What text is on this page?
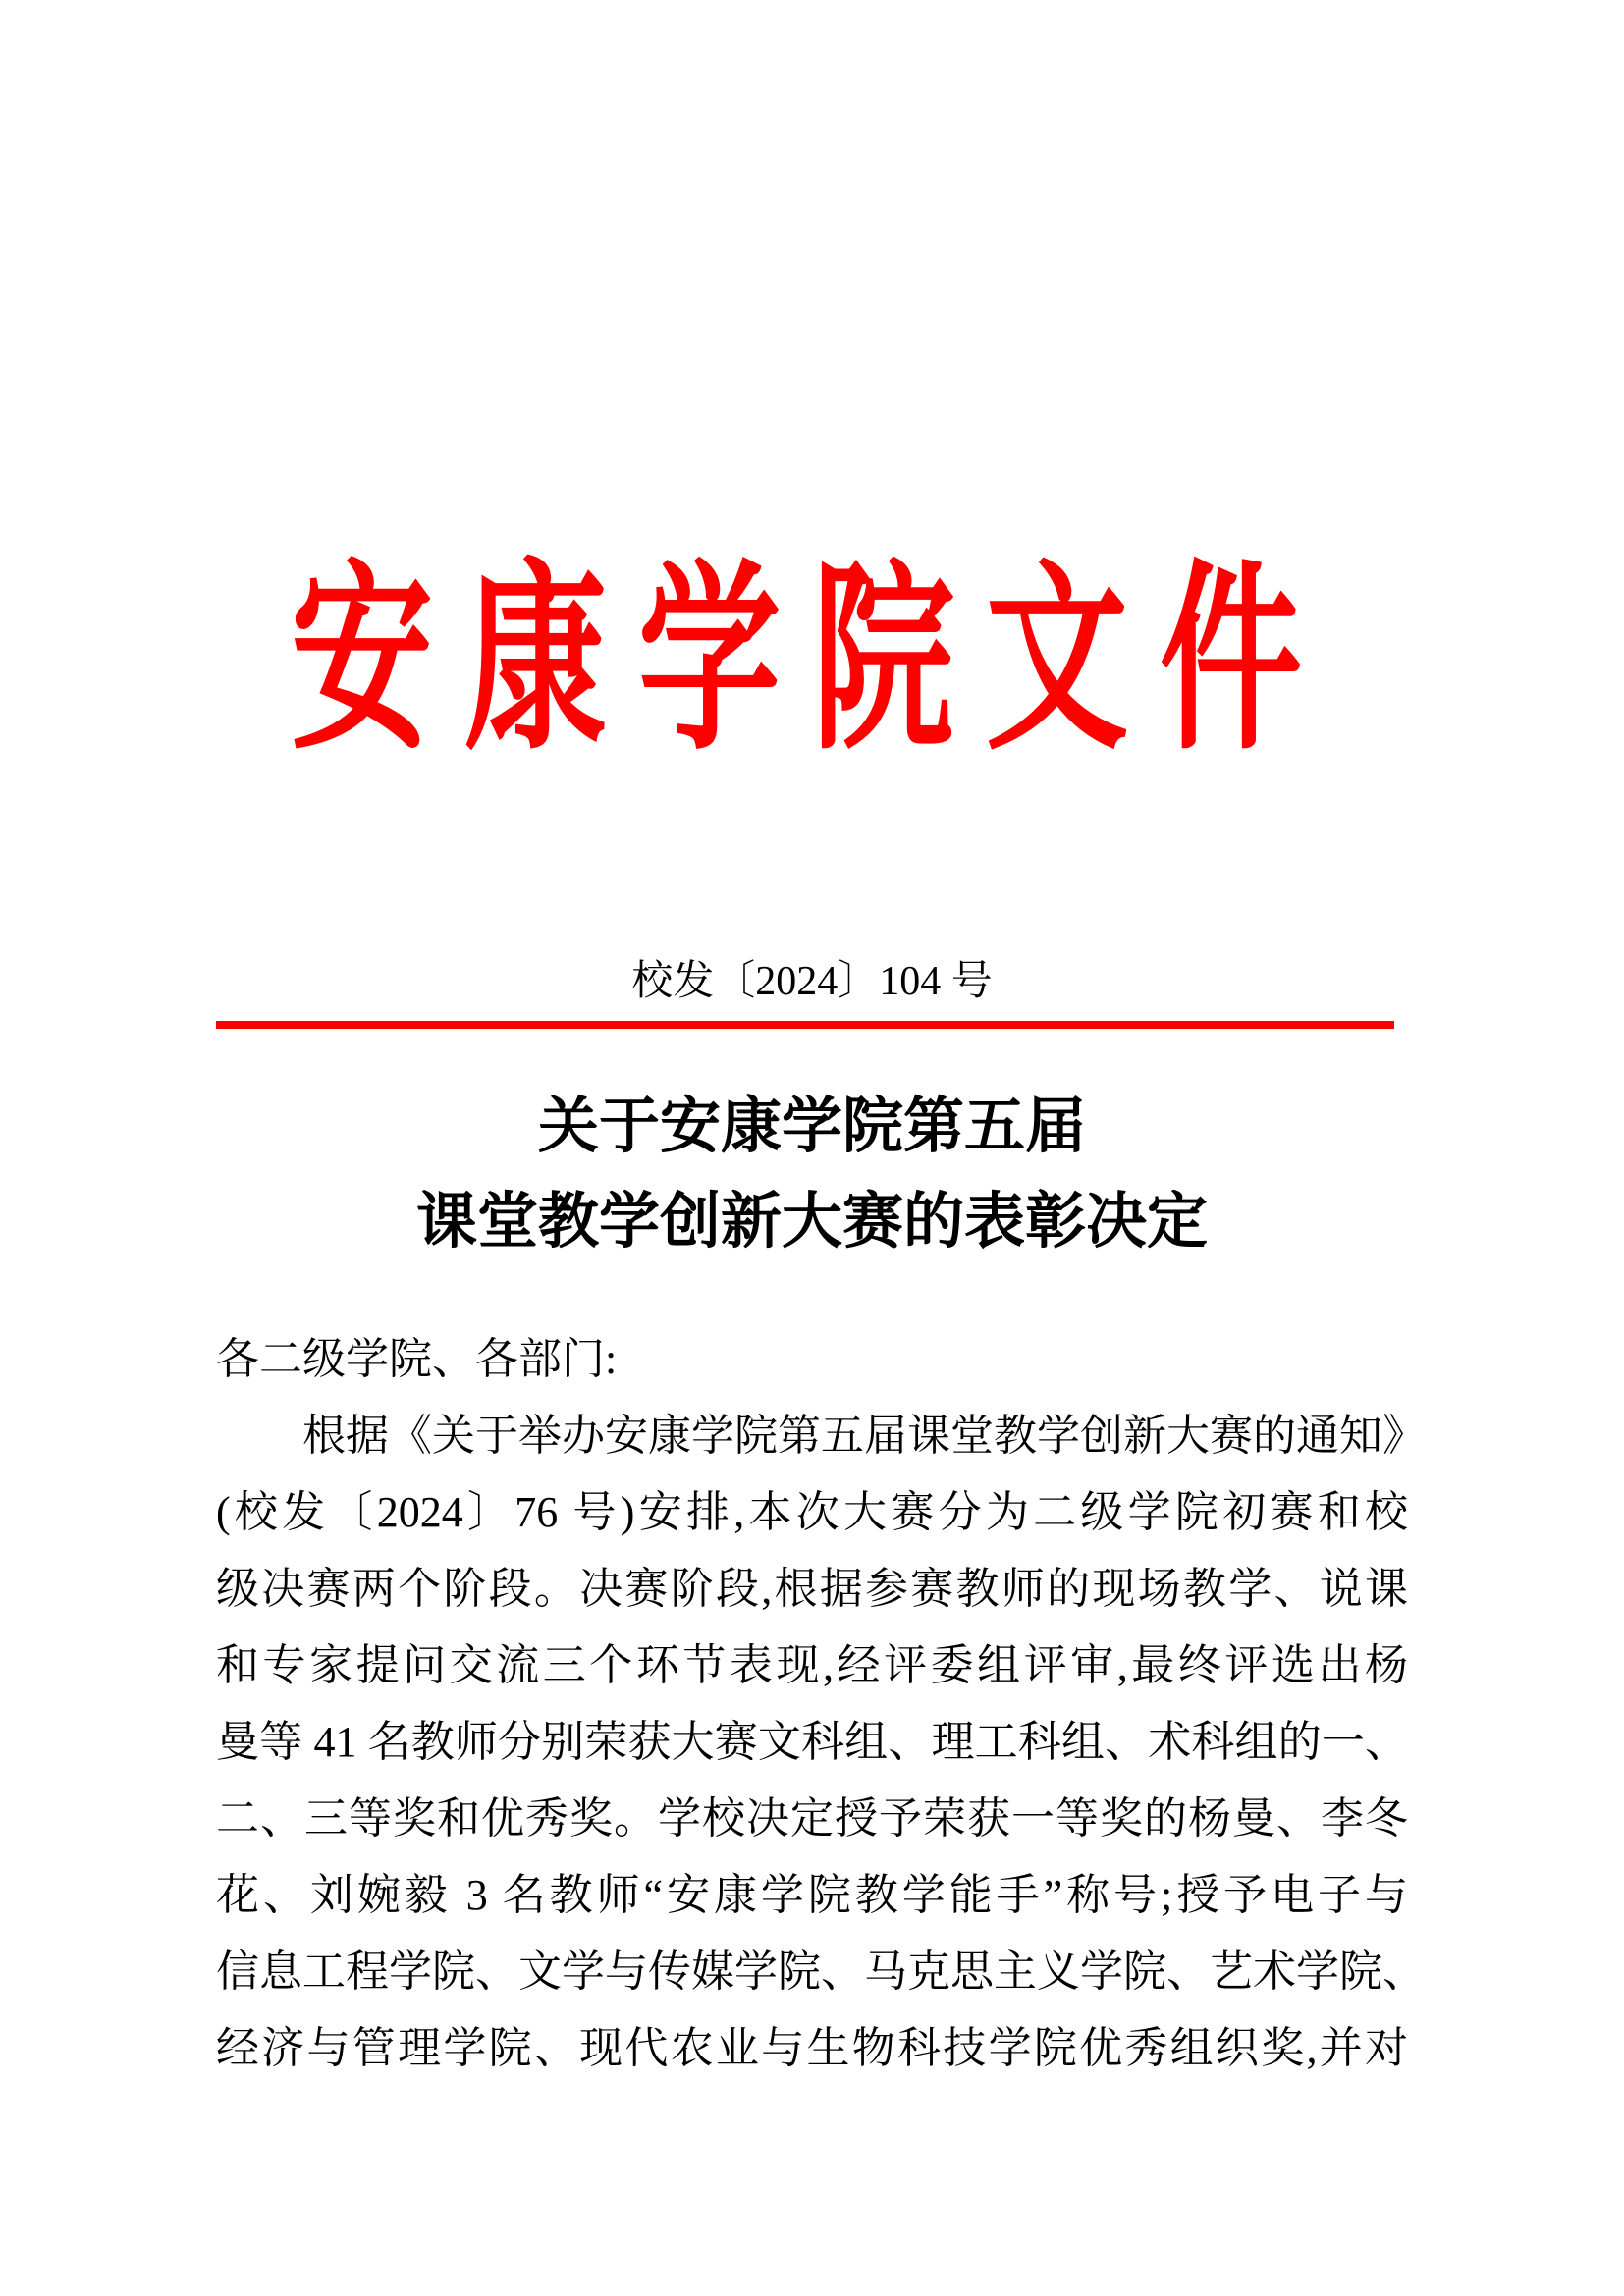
安康学院文件
校发〔2024〕104 号
关于安康学院第五届
课堂教学创新大赛的表彰决定
各二级学院、各部门:
根据《关于举办安康学院第五届课堂教学创新大赛的通知》
(校发〔2024〕76 号)安排,本次大赛分为二级学院初赛和校
级决赛两个阶段。决赛阶段,根据参赛教师的现场教学、说课
和专家提问交流三个环节表现,经评委组评审,最终评选出杨
曼等 41 名教师分别荣获大赛文科组、理工科组、术科组的一、
二、三等奖和优秀奖。学校决定授予荣获一等奖的杨曼、李冬
花、刘婉毅 3 名教师“安康学院教学能手”称号;授予电子与
信息工程学院、文学与传媒学院、马克思主义学院、艺术学院、
经济与管理学院、现代农业与生物科技学院优秀组织奖,并对
